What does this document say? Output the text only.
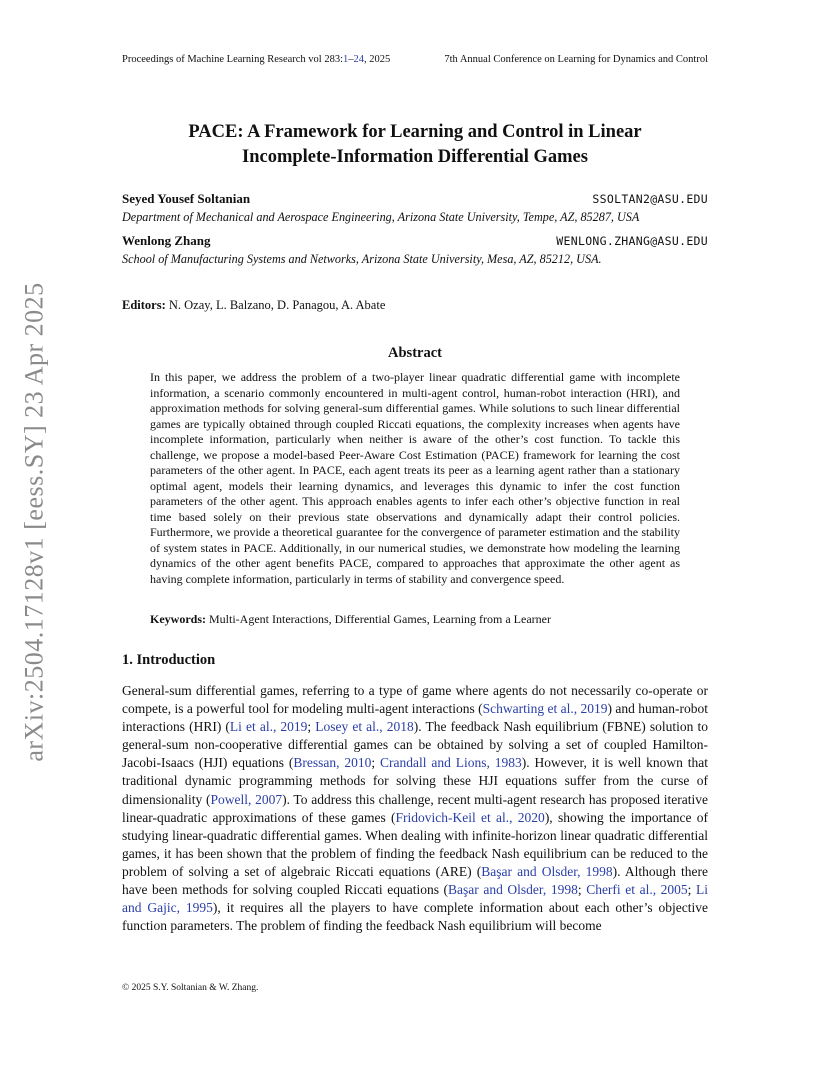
Proceedings of Machine Learning Research vol 283:1–24, 2025	7th Annual Conference on Learning for Dynamics and Control
arXiv:2504.17128v1 [eess.SY] 23 Apr 2025
PACE: A Framework for Learning and Control in Linear
Incomplete-Information Differential Games
Seyed Yousef Soltanian	SSOLTAN2@ASU.EDU
Department of Mechanical and Aerospace Engineering, Arizona State University, Tempe, AZ, 85287, USA
Wenlong Zhang	WENLONG.ZHANG@ASU.EDU
School of Manufacturing Systems and Networks, Arizona State University, Mesa, AZ, 85212, USA.
Editors: N. Ozay, L. Balzano, D. Panagou, A. Abate
Abstract
In this paper, we address the problem of a two-player linear quadratic differential game with incomplete information, a scenario commonly encountered in multi-agent control, human-robot interaction (HRI), and approximation methods for solving general-sum differential games. While solutions to such linear differential games are typically obtained through coupled Riccati equations, the complexity increases when agents have incomplete information, particularly when neither is aware of the other’s cost function. To tackle this challenge, we propose a model-based Peer-Aware Cost Estimation (PACE) framework for learning the cost parameters of the other agent. In PACE, each agent treats its peer as a learning agent rather than a stationary optimal agent, models their learning dynamics, and leverages this dynamic to infer the cost function parameters of the other agent. This approach enables agents to infer each other’s objective function in real time based solely on their previous state observations and dynamically adapt their control policies. Furthermore, we provide a theoretical guarantee for the convergence of parameter estimation and the stability of system states in PACE. Additionally, in our numerical studies, we demonstrate how modeling the learning dynamics of the other agent benefits PACE, compared to approaches that approximate the other agent as having complete information, particularly in terms of stability and convergence speed.
Keywords: Multi-Agent Interactions, Differential Games, Learning from a Learner
1. Introduction
General-sum differential games, referring to a type of game where agents do not necessarily co-operate or compete, is a powerful tool for modeling multi-agent interactions (Schwarting et al., 2019) and human-robot interactions (HRI) (Li et al., 2019; Losey et al., 2018). The feedback Nash equilibrium (FBNE) solution to general-sum non-cooperative differential games can be obtained by solving a set of coupled Hamilton-Jacobi-Isaacs (HJI) equations (Bressan, 2010; Crandall and Lions, 1983). However, it is well known that traditional dynamic programming methods for solving these HJI equations suffer from the curse of dimensionality (Powell, 2007). To address this challenge, recent multi-agent research has proposed iterative linear-quadratic approximations of these games (Fridovich-Keil et al., 2020), showing the importance of studying linear-quadratic differential games. When dealing with infinite-horizon linear quadratic differential games, it has been shown that the problem of finding the feedback Nash equilibrium can be reduced to the problem of solving a set of algebraic Riccati equations (ARE) (Başar and Olsder, 1998). Although there have been methods for solving coupled Riccati equations (Başar and Olsder, 1998; Cherfi et al., 2005; Li and Gajic, 1995), it requires all the players to have complete information about each other’s objective function parameters. The problem of finding the feedback Nash equilibrium will become
© 2025 S.Y. Soltanian & W. Zhang.
